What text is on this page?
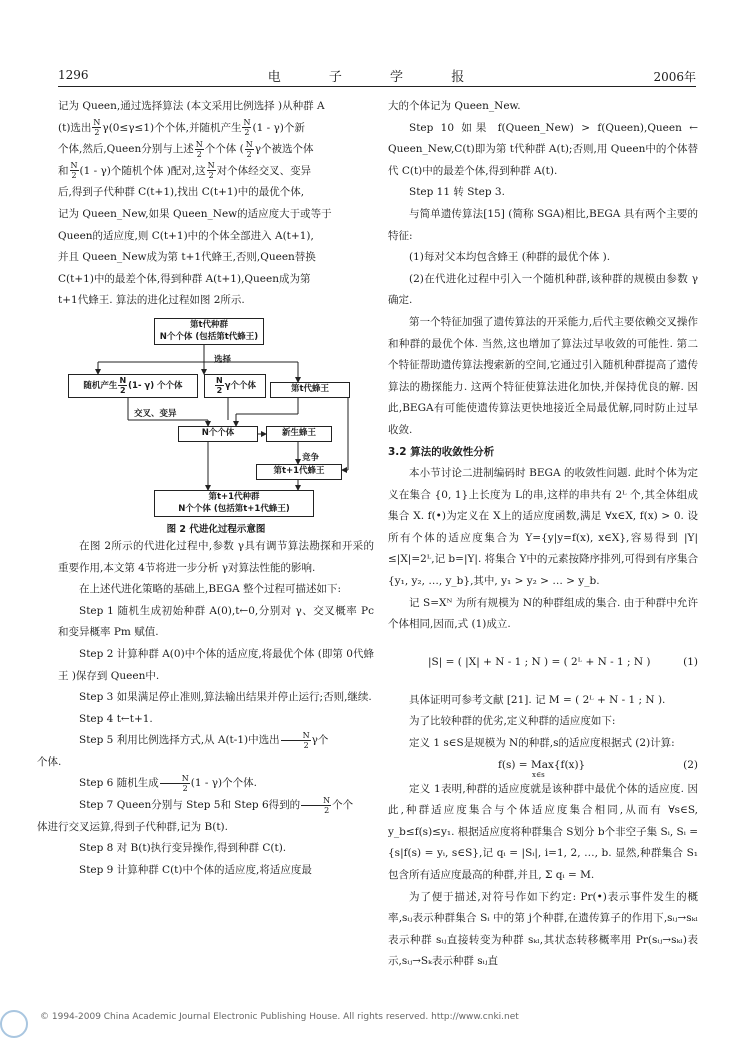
1296	电 子 学 报	2006年

记为 Queen,通过选择算法 (本文采用比例选择 )从种群 A
(t)选出 $\frac{N}{2} \gamma(0\le\gamma\le 1)$个个体,并随机产生 $\frac{N}{2} (1 - \gamma)$个新
个体,然后,Queen分别与上述 $\frac{N}{2}$ 个个体 ( $\frac{N}{2}$ γ个被选个体
和 $\frac{N}{2} (1 - \gamma)$个随机个体 )配对,这 $\frac{N}{2}$ 对个体经交叉、变异
后,得到子代种群 C(t+1),找出 C(t+1)中的最优个体,
记为 Queen_New,如果 Queen_New的适应度大于或等于
Queen的适应度,则 C(t+1)中的个体全部进入 A(t+1),
并且 Queen_New成为第 t+1代蜂王,否则,Queen替换
C(t+1)中的最差个体,得到种群 A(t+1),Queen成为第
t+1代蜂王. 算法的进化过程如图 2所示.

第t代种群
N个个体 (包括第t代蜂王)
选择
随机产生 $\frac{N}{2} (1-$ γ) 个个体	$\frac{N}{2}$ γ个个体	第t代蜂王
交叉、变异
N个个体	新生蜂王
竞争
第t+1代蜂王
第t+1代种群
N个个体 (包括第t+1代蜂王)
图 2 代进化过程示意图

在图 2所示的代进化过程中,参数 γ具有调节算法勘探和开采的重要作用,本文第 4节将进一步分析 γ对算法性能的影响.

在上述代进化策略的基础上,BEGA 整个过程可描述如下:

Step 1 随机生成初始种群 A(0),t←0,分别对 γ、交叉概率 Pc 和变异概率 Pm 赋值.

Step 2 计算种群 A(0)中个体的适应度,将最优个体 (即第 0代蜂王 )保存到 Queen中.

Step 3 如果满足停止准则,算法输出结果并停止运行;否则,继续.

Step 4 t←t+1.

Step 5 利用比例选择方式,从 A(t-1)中选出 $\frac{N}{2}$ γ个
个体.

Step 6 随机生成 $\frac{N}{2} (1 - \gamma)$个个体.

Step 7 Queen分别与 Step 5和 Step 6得到的 $\frac{N}{2}$ 个个
体进行交叉运算,得到子代种群,记为 B(t).

Step 8 对 B(t)执行变异操作,得到种群 C(t).

Step 9 计算种群 C(t)中个体的适应度,将适应度最

大的个体记为 Queen_New.

Step 10 如果 f(Queen_New) > f(Queen),Queen ← Queen_New,C(t)即为第 t代种群 A(t);否则,用 Queen中的个体替代 C(t)中的最差个体,得到种群 A(t).

Step 11 转 Step 3.

与简单遗传算法[15] (简称 SGA)相比,BEGA 具有两个主要的特征:

(1)每对父本均包含蜂王 (种群的最优个体 ).

(2)在代进化过程中引入一个随机种群,该种群的规模由参数 γ确定.

第一个特征加强了遗传算法的开采能力,后代主要依赖交叉操作和种群的最优个体. 当然,这也增加了算法过早收敛的可能性. 第二个特征帮助遗传算法搜索新的空间,它通过引入随机种群提高了遗传算法的勘探能力. 这两个特征使算法进化加快,并保持优良的解. 因此,BEGA有可能使遗传算法更快地接近全局最优解,同时防止过早收敛.

3.2 算法的收敛性分析

本小节讨论二进制编码时 BEGA 的收敛性问题. 此时个体为定义在集合 {0, 1}上长度为 L的串,这样的串共有 2ᴸ 个,其全体组成集合 X. f(•)为定义在 X上的适应度函数,满足 ∀x∈X, f(x) > 0. 设所有个体的适应度集合为 Y={y|y=f(x), x∈X},容易得到 |Y|≤|X|=2ᴸ,记 b=|Y|. 将集合 Y中的元素按降序排列,可得到有序集合 {y₁, y₂, …, y_b},其中, y₁ > y₂ > … > y_b.

记 S=Xᴺ 为所有规模为 N的种群组成的集合. 由于种群中允许个体相同,因而,式 (1)成立.

|S| = ( |X| + N - 1 ; N ) = ( 2ᴸ + N - 1 ; N )	(1)

具体证明可参考文献 [21]. 记 M = ( 2ᴸ + N - 1 ; N ).

为了比较种群的优劣,定义种群的适应度如下:

定义 1 s∈S是规模为 N的种群,s的适应度根据式 (2)计算:

f(s) = Max{f(x)}
x∈s
(2)

定义 1表明,种群的适应度就是该种群中最优个体的适应度. 因此,种群适应度集合与个体适应度集合相同,从而有 ∀s∈S, y_b≤f(s)≤y₁. 根据适应度将种群集合 S划分 b个非空子集 Sᵢ, Sᵢ = {s|f(s) = yᵢ, s∈S},记 qᵢ = |Sᵢ|, i=1, 2, …, b. 显然,种群集合 S₁ 包含所有适应度最高的种群,并且, Σ qᵢ = M.

为了便于描述,对符号作如下约定: Pr(•)表示事件发生的概率,sᵢⱼ表示种群集合 Sᵢ 中的第 j个种群,在遗传算子的作用下,sᵢⱼ→sₖₗ表示种群 sᵢⱼ直接转变为种群 sₖₗ,其状态转移概率用 Pr(sᵢⱼ→sₖₗ)表示,sᵢⱼ→Sₖ表示种群 sᵢⱼ直

© 1994-2009 China Academic Journal Electronic Publishing House. All rights reserved. http://www.cnki.net
